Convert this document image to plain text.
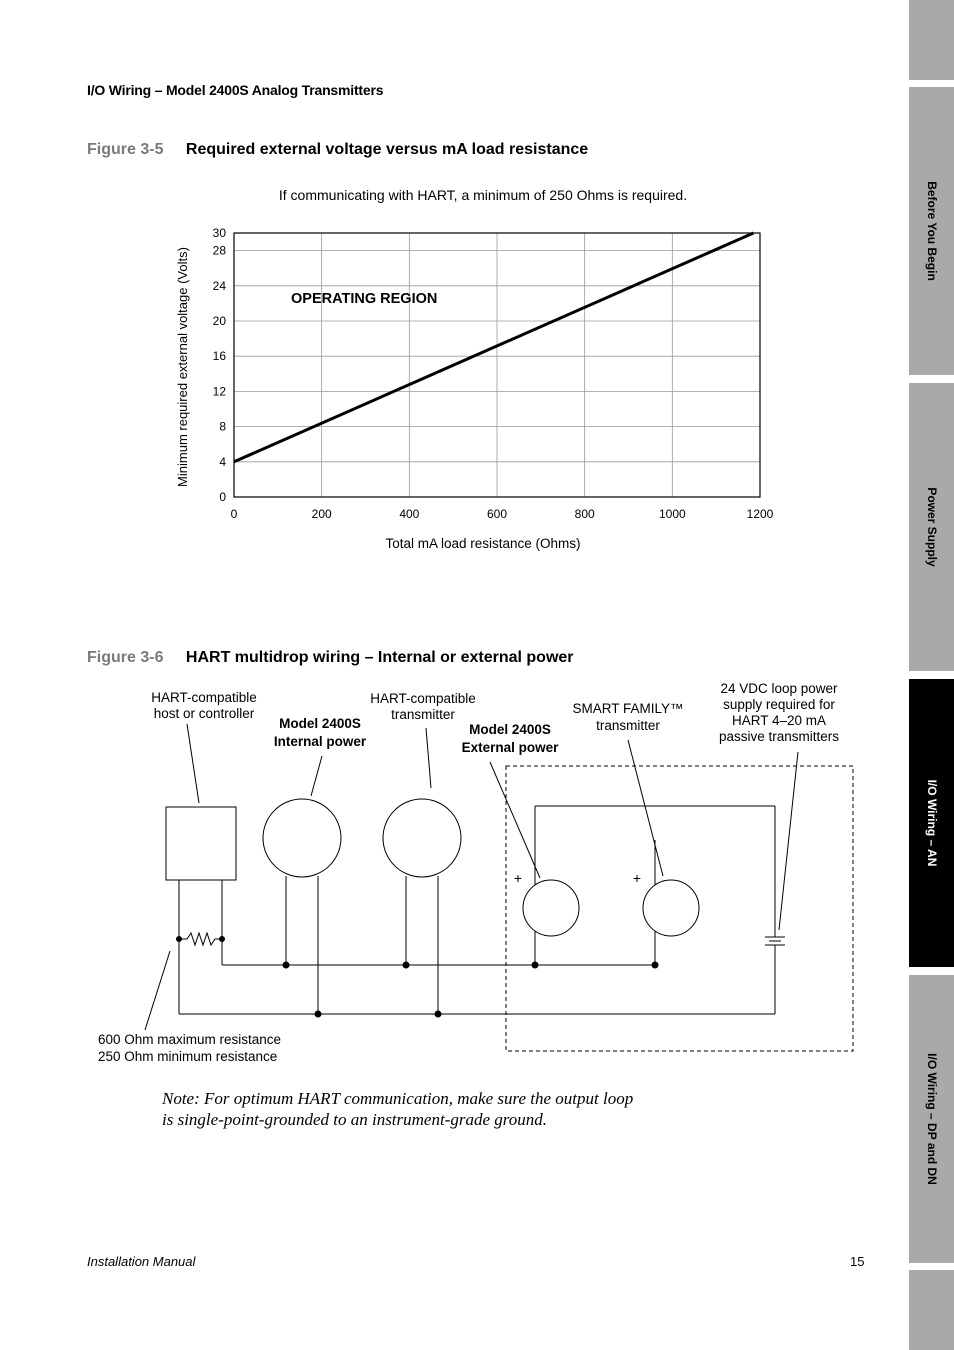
I/O Wiring – Model 2400S Analog Transmitters
Figure 3-5 Required external voltage versus mA load resistance
If communicating with HART, a minimum of 250 Ohms is required.
0
4
8
12
16
20
24
28
30
0	200	400	600	800	1000	1200
OPERATING REGION
Total mA load resistance (Ohms)
Minimum required external voltage (Volts)
Figure 3-6 HART multidrop wiring – Internal or external power
HART-compatible
host or controller
HART-compatible
transmitter
Model 2400S
Internal power
Model 2400S
External power
SMART FAMILY™
transmitter
24 VDC loop power
supply required for
HART 4–20 mA
passive transmitters
600 Ohm maximum resistance
250 Ohm minimum resistance
+	+
Note: For optimum HART communication, make sure the output loop
is single-point-grounded to an instrument-grade ground.
Installation Manual	15
Before You Begin
Power Supply
I/O Wiring – AN
I/O Wiring – DP and DN
